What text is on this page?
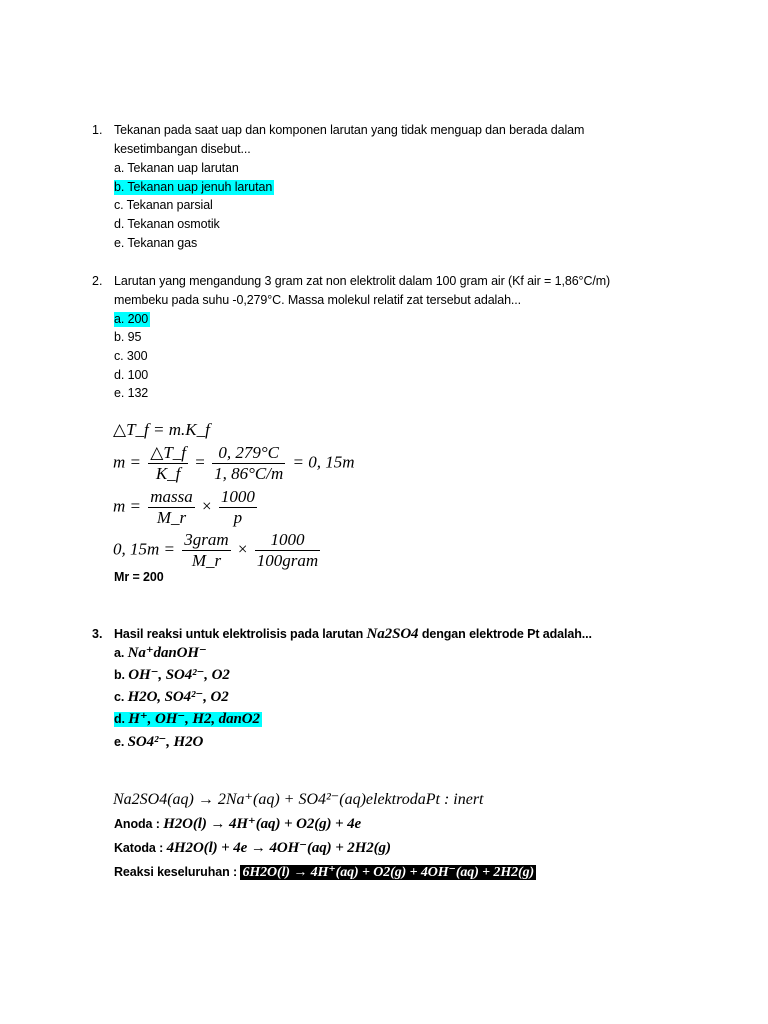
1. Tekanan pada saat uap dan komponen larutan yang tidak menguap dan berada dalam
kesetimbangan disebut...
a. Tekanan uap larutan
b. Tekanan uap jenuh larutan
c. Tekanan parsial
d. Tekanan osmotik
e. Tekanan gas
2. Larutan yang mengandung 3 gram zat non elektrolit dalam 100 gram air (Kf air = 1,86°C/m)
membeku pada suhu -0,279°C. Massa molekul relatif zat tersebut adalah...
a. 200
b. 95
c. 300
d. 100
e. 132
△T_f = m.K_f
$m = \frac{\triangle T\_f}{K\_f} = \frac{0, 279^\circ C}{1, 86^\circ C/m} = 0$, 15m
$m = \frac{\text{massa}}{M\_r} \times \frac{1000}{p}$
0, $15m = \frac{\text{3gram}}{M\_r} \times \frac{1000}{\text{100gram}}$
Mr = 200
3. Hasil reaksi untuk elektrolisis pada larutan Na2SO4 dengan elektrode Pt adalah...
a. Na⁺danOH⁻
b. OH⁻, SO4²⁻, O2
c. H2O, SO4²⁻, O2
d. H⁺, OH⁻, H2, danO2
e. SO4²⁻, H2O
Na2SO4(aq) → 2Na⁺(aq) + SO4²⁻(aq)elektrodaPt : inert
Anoda : H2O(l) → 4H⁺(aq) + O2(g) + 4e
Katoda : 4H2O(l) + 4e → 4OH⁻(aq) + 2H2(g)
Reaksi keseluruhan : 6H2O(l) → 4H⁺(aq) + O2(g) + 4OH⁻(aq) + 2H2(g)
